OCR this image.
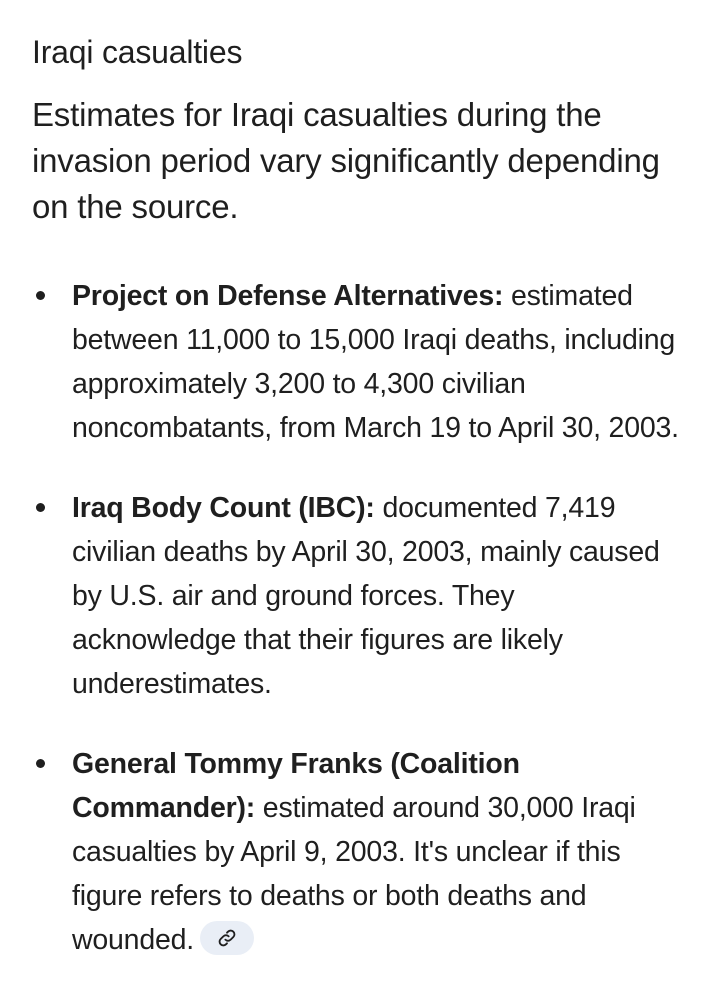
Iraqi casualties
Estimates for Iraqi casualties during the invasion period vary significantly depending on the source.
Project on Defense Alternatives: estimated between 11,000 to 15,000 Iraqi deaths, including approximately 3,200 to 4,300 civilian noncombatants, from March 19 to April 30, 2003.
Iraq Body Count (IBC): documented 7,419 civilian deaths by April 30, 2003, mainly caused by U.S. air and ground forces. They acknowledge that their figures are likely underestimates.
General Tommy Franks (Coalition Commander): estimated around 30,000 Iraqi casualties by April 9, 2003. It's unclear if this figure refers to deaths or both deaths and wounded.
